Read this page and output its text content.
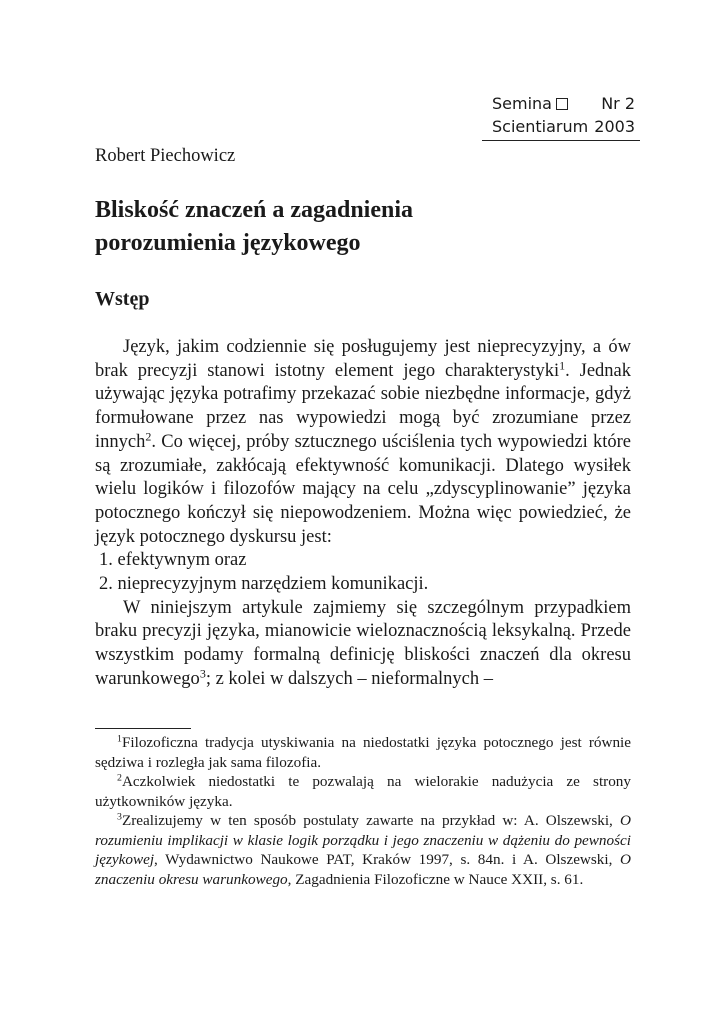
Semina	Nr 2
Scientiarum 2003
Robert Piechowicz
Bliskość znaczeń a zagadnienia
porozumienia językowego
Wstęp

Język, jakim codziennie się posługujemy jest nieprecyzyjny, a ów brak precyzji stanowi istotny element jego charakterystyki$^1$. Jednak używając języka potrafimy przekazać sobie niezbędne informacje, gdyż formułowane przez nas wypowiedzi mogą być zrozumiane przez innych$^2$. Co więcej, próby sztucznego uściślenia tych wypowiedzi które są zrozumiałe, zakłócają efektywność komunikacji. Dlatego wysiłek wielu logików i filozofów mający na celu „zdyscyplinowanie” języka potocznego kończył się niepowodzeniem. Można więc powiedzieć, że język potocznego dyskursu jest:

1. efektywnym oraz
2. nieprecyzyjnym narzędziem komunikacji.

W niniejszym artykule zajmiemy się szczególnym przypadkiem braku precyzji języka, mianowicie wieloznacznością leksykalną. Przede wszystkim podamy formalną definicję bliskości znaczeń dla okresu warunkowego$^3$; z kolei w dalszych – nieformalnych –

$^1$Filozoficzna tradycja utyskiwania na niedostatki języka potocznego jest równie sędziwa i rozległa jak sama filozofia.

$^2$Aczkolwiek niedostatki te pozwalają na wielorakie nadużycia ze strony użytkowników języka.

$^3$Zrealizujemy w ten sposób postulaty zawarte na przykład w: A. Olszewski, O rozumieniu implikacji w klasie logik porządku i jego znaczeniu w dążeniu do pewności językowej, Wydawnictwo Naukowe PAT, Kraków 1997, s. 84n. i A. Olszewski, O znaczeniu okresu warunkowego, Zagadnienia Filozoficzne w Nauce XXII, s. 61.
